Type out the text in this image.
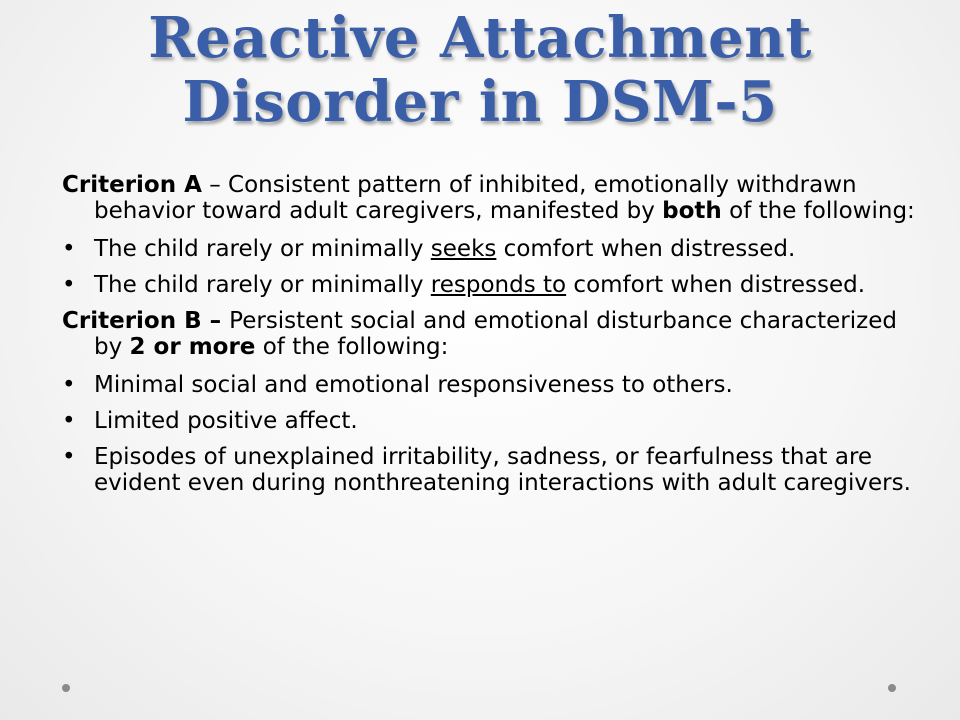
Reactive Attachment
Disorder in DSM-5

Criterion A – Consistent pattern of inhibited, emotionally withdrawn behavior toward adult caregivers, manifested by both of the following:

• The child rarely or minimally seeks comfort when distressed.

• The child rarely or minimally responds to comfort when distressed.

Criterion B – Persistent social and emotional disturbance characterized by 2 or more of the following:

• Minimal social and emotional responsiveness to others.

• Limited positive affect.

• Episodes of unexplained irritability, sadness, or fearfulness that are evident even during nonthreatening interactions with adult caregivers.
